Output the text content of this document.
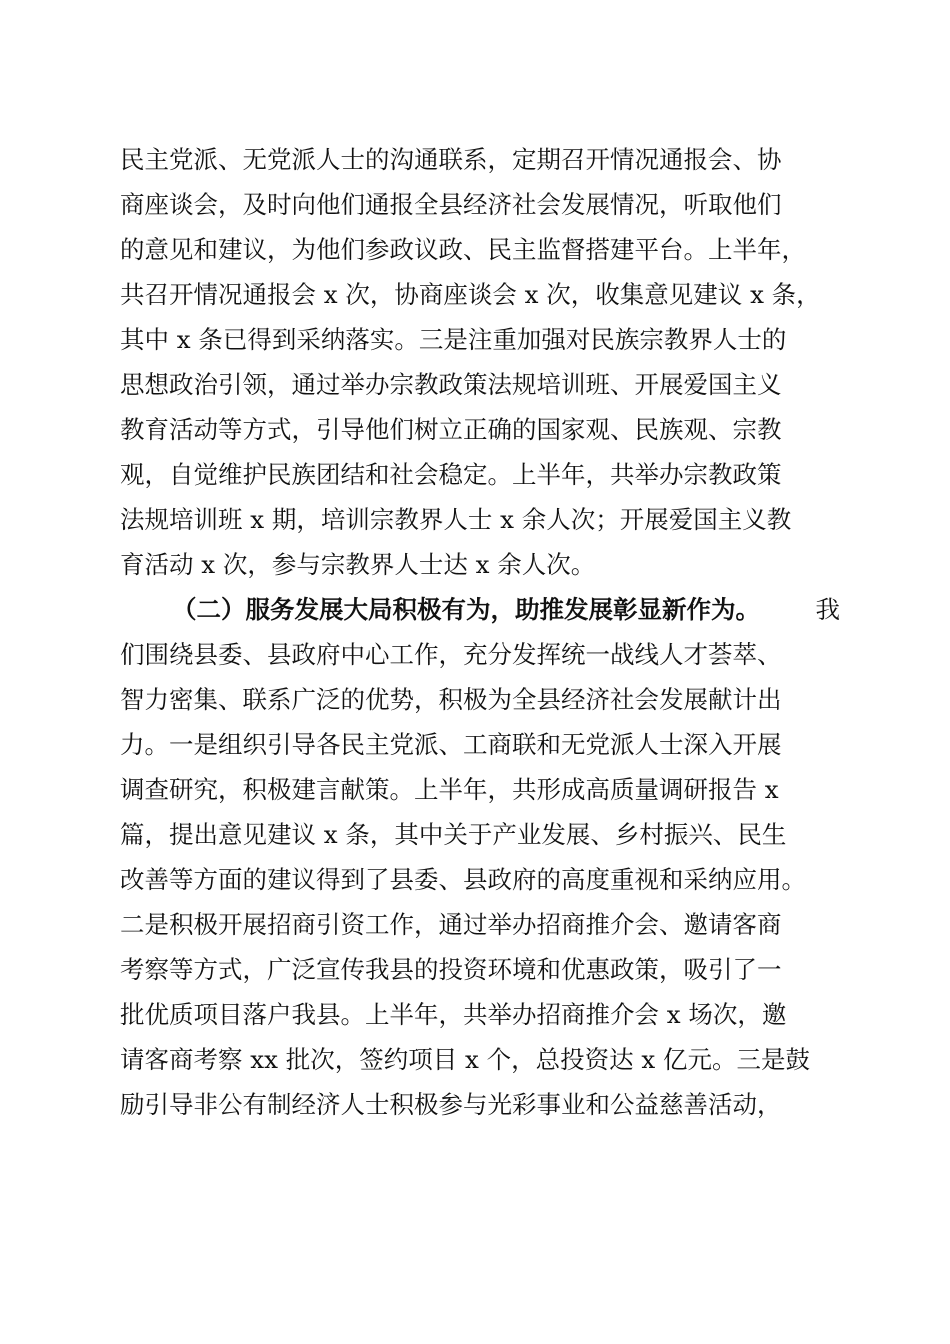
民主党派、无党派人士的沟通联系，定期召开情况通报会、协
商座谈会，及时向他们通报全县经济社会发展情况，听取他们
的意见和建议，为他们参政议政、民主监督搭建平台。上半年，
共召开情况通报会 x 次，协商座谈会 x 次，收集意见建议 x 条，
其中 x 条已得到采纳落实。三是注重加强对民族宗教界人士的
思想政治引领，通过举办宗教政策法规培训班、开展爱国主义
教育活动等方式，引导他们树立正确的国家观、民族观、宗教
观，自觉维护民族团结和社会稳定。上半年，共举办宗教政策
法规培训班 x 期，培训宗教界人士 x 余人次；开展爱国主义教
育活动 x 次，参与宗教界人士达 x 余人次。
（二）服务发展大局积极有为，助推发展彰显新作为。 我
们围绕县委、县政府中心工作，充分发挥统一战线人才荟萃、
智力密集、联系广泛的优势，积极为全县经济社会发展献计出
力。一是组织引导各民主党派、工商联和无党派人士深入开展
调查研究，积极建言献策。上半年，共形成高质量调研报告 x
篇，提出意见建议 x 条，其中关于产业发展、乡村振兴、民生
改善等方面的建议得到了县委、县政府的高度重视和采纳应用。
二是积极开展招商引资工作，通过举办招商推介会、邀请客商
考察等方式，广泛宣传我县的投资环境和优惠政策，吸引了一
批优质项目落户我县。上半年，共举办招商推介会 x 场次，邀
请客商考察 xx 批次，签约项目 x 个，总投资达 x 亿元。三是鼓
励引导非公有制经济人士积极参与光彩事业和公益慈善活动，
